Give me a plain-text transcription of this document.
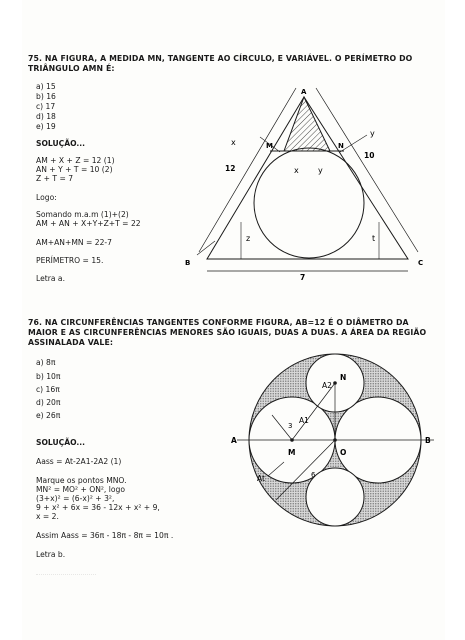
75. NA FIGURA, A MEDIDA MN, TANGENTE AO CÍRCULO, E VARIÁVEL. O PERÍMETRO DO TRIÂNGULO AMN É:
a) 15
b) 16
c) 17
d) 18
e) 19
SOLUÇÃO...
AM + X + Z = 12 (1)
AN + Y + T = 10 (2)
Z + T = 7
Logo:
Somando m.a.m (1)+(2)
AM + AN + X+Y+Z+T = 22
AM+AN+MN = 22-7
PERÍMETRO = 15.
Letra a.
A
B	C
M	N
x
y
x y
z	t
12
10
7
76. NA CIRCUNFERÊNCIAS TANGENTES CONFORME FIGURA, AB=12 É O DIÂMETRO DA MAIOR E AS CIRCUNFERÊNCIAS MENORES SÃO IGUAIS, DUAS A DUAS. A ÁREA DA REGIÃO ASSINALADA VALE:
a) 8π
b) 10π
c) 16π
d) 20π
e) 26π
SOLUÇÃO...
Aass = At-2A1-2A2 (1)
Marque os pontos MNO.
MN² = MO² + ON², logo
(3+x)² = (6-x)² + 3²,
9 + x² + 6x = 36 - 12x + x² + 9,
x = 2.
Assim Aass = 36π - 18π - 8π = 10π .
Letra b.
A	B
M
N
O
A1
A2
At
3
6
